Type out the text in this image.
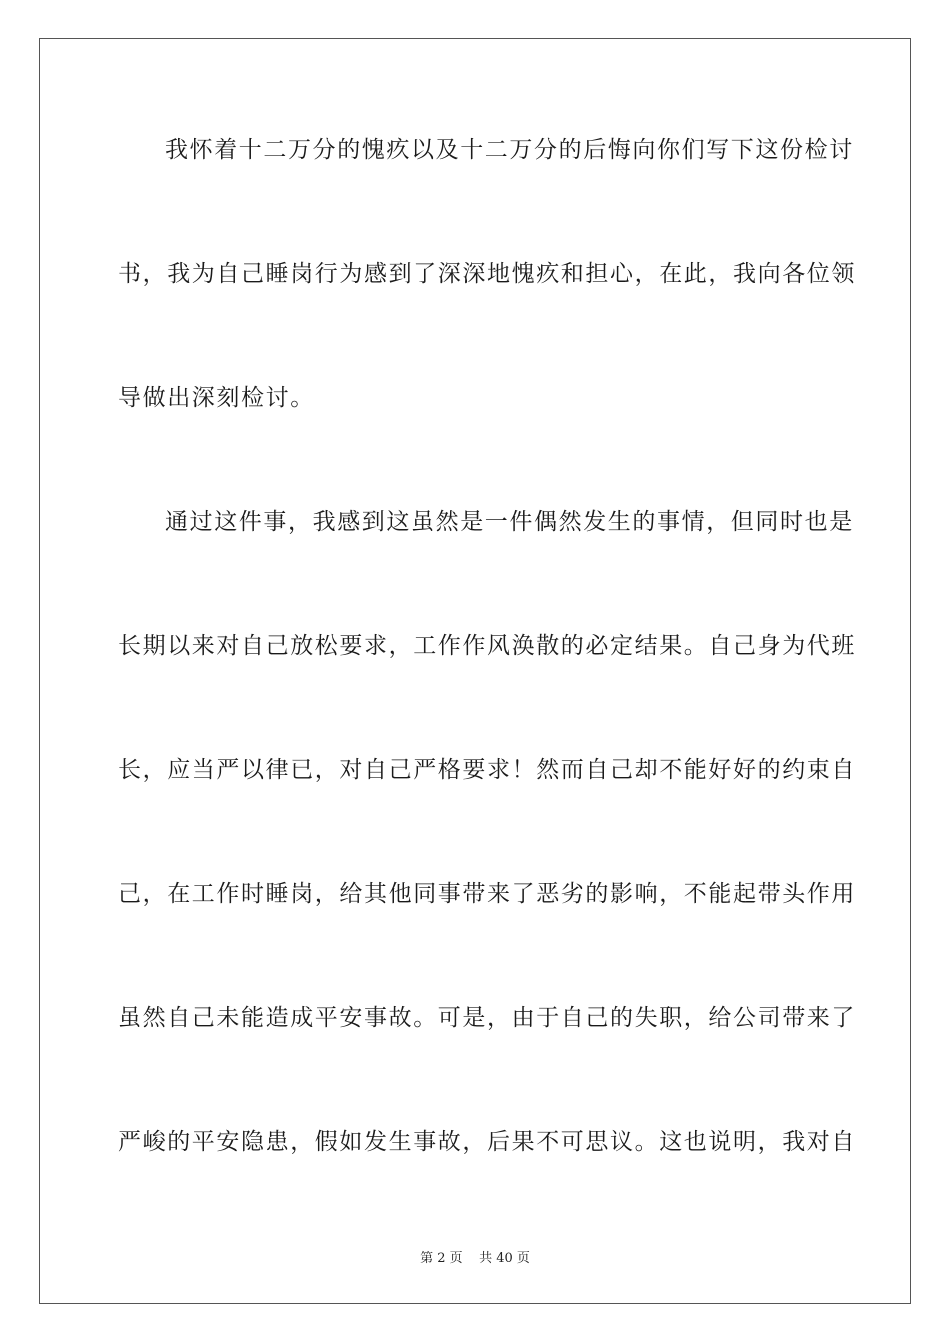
我怀着十二万分的愧疚以及十二万分的后悔向你们写下这份检讨
书，我为自己睡岗行为感到了深深地愧疚和担心，在此，我向各位领
导做出深刻检讨。
通过这件事，我感到这虽然是一件偶然发生的事情，但同时也是
长期以来对自己放松要求，工作作风涣散的必定结果。自己身为代班
长，应当严以律已，对自己严格要求！然而自己却不能好好的约束自
己，在工作时睡岗，给其他同事带来了恶劣的影响，不能起带头作用
虽然自己未能造成平安事故。可是，由于自己的失职，给公司带来了
严峻的平安隐患，假如发生事故，后果不可思议。这也说明，我对自
第 2 页    共 40 页
